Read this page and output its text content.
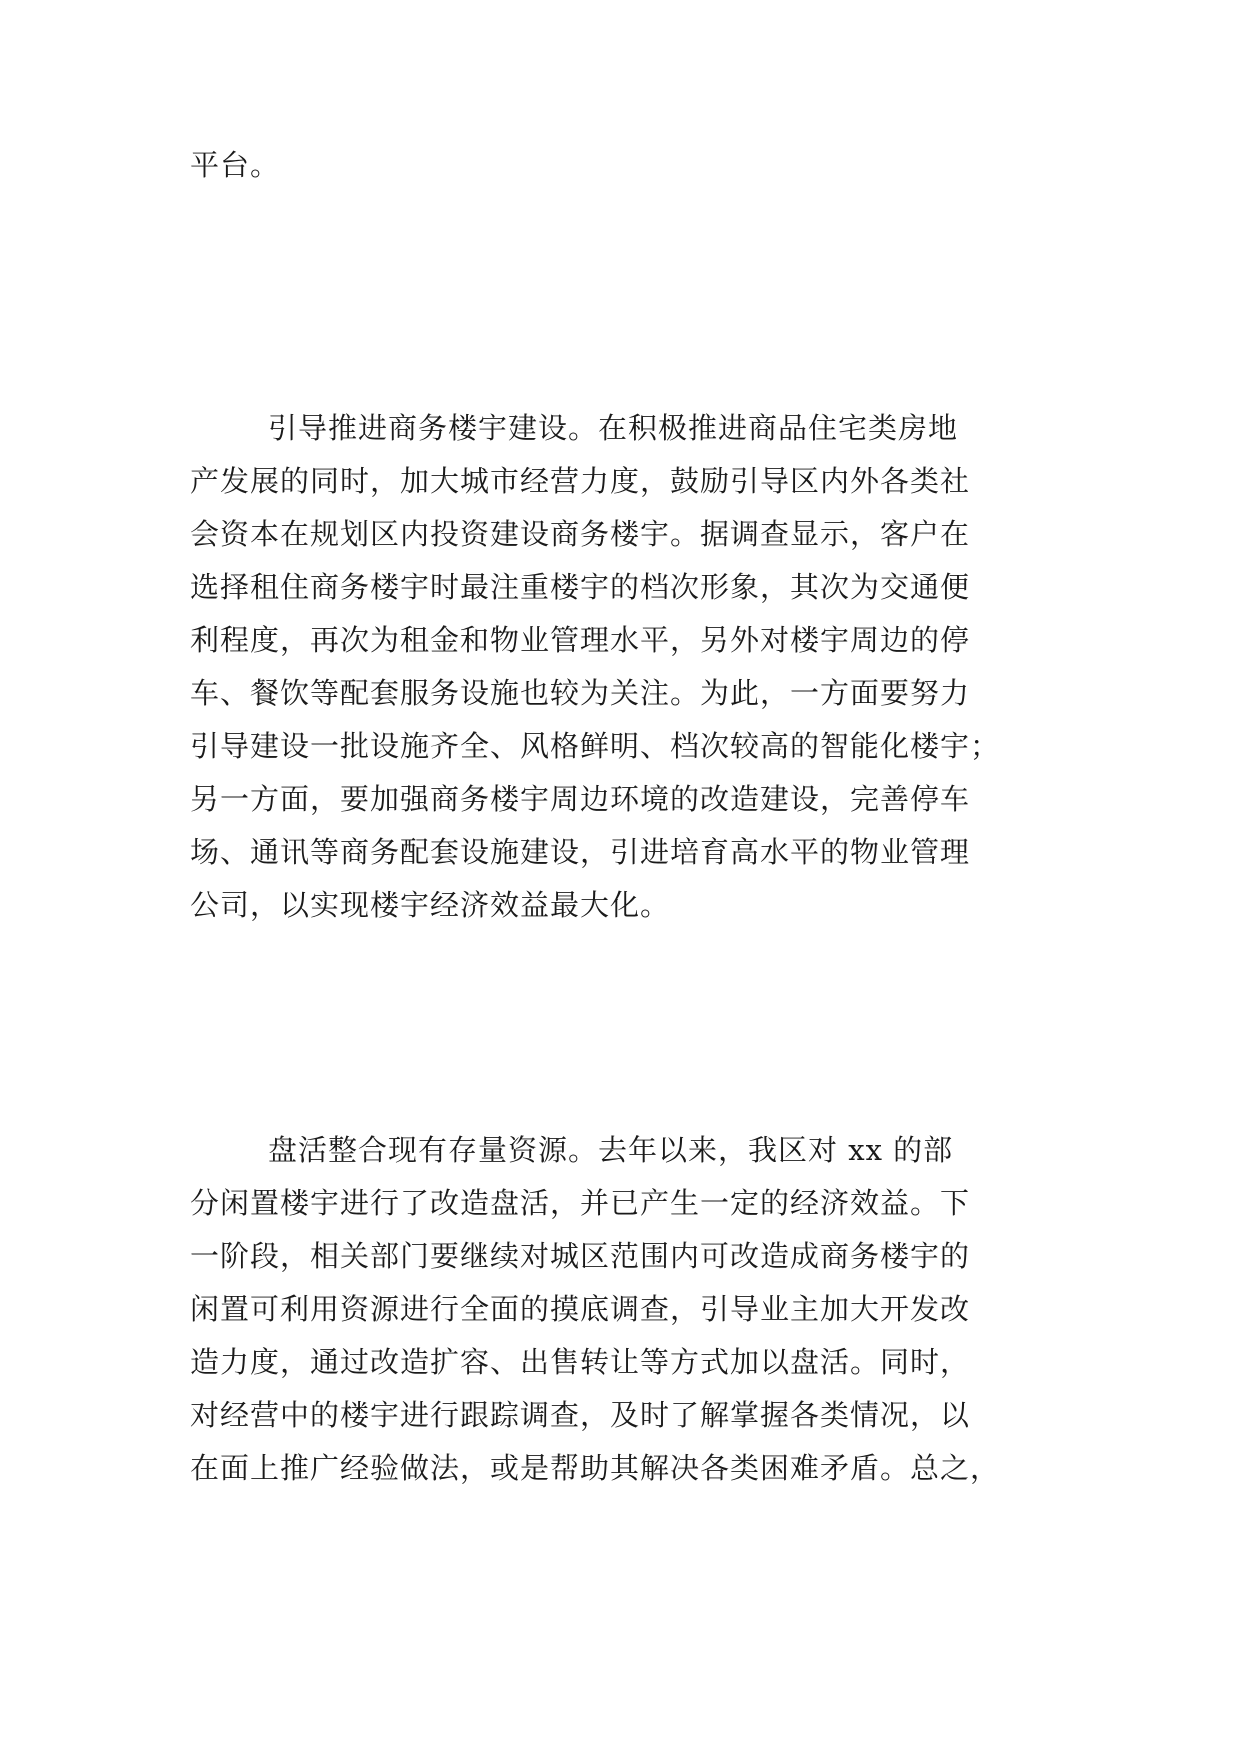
平台。
引导推进商务楼宇建设。在积极推进商品住宅类房地
产发展的同时，加大城市经营力度，鼓励引导区内外各类社
会资本在规划区内投资建设商务楼宇。据调查显示，客户在
选择租住商务楼宇时最注重楼宇的档次形象，其次为交通便
利程度，再次为租金和物业管理水平，另外对楼宇周边的停
车、餐饮等配套服务设施也较为关注。为此，一方面要努力
引导建设一批设施齐全、风格鲜明、档次较高的智能化楼宇；
另一方面，要加强商务楼宇周边环境的改造建设，完善停车
场、通讯等商务配套设施建设，引进培育高水平的物业管理
公司，以实现楼宇经济效益最大化。
盘活整合现有存量资源。去年以来，我区对 xx 的部
分闲置楼宇进行了改造盘活，并已产生一定的经济效益。下
一阶段，相关部门要继续对城区范围内可改造成商务楼宇的
闲置可利用资源进行全面的摸底调查，引导业主加大开发改
造力度，通过改造扩容、出售转让等方式加以盘活。同时，
对经营中的楼宇进行跟踪调查，及时了解掌握各类情况，以
在面上推广经验做法，或是帮助其解决各类困难矛盾。总之，
